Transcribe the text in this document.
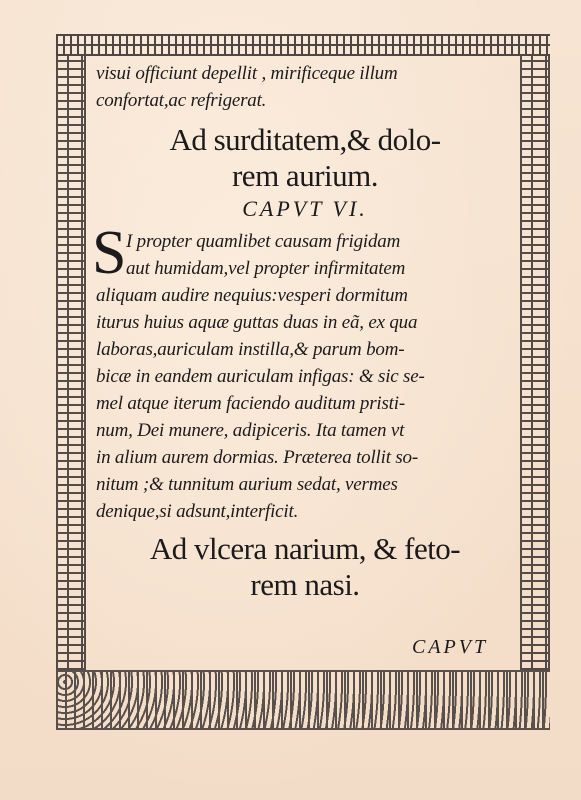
visui officiunt depellit , mirificeque illum
confortat,ac refrigerat.
Ad surditatem,& dolo-
rem aurium.
CAPVT VI.
S I propter quamlibet causam frigidam
aut humidam,vel propter infirmitatem
aliquam audire nequius:vesperi dormitum
iturus huius aquæ guttas duas in eã, ex qua
laboras,auriculam instilla,& parum bom-
bicæ in eandem auriculam infigas: & sic se-
mel atque iterum faciendo auditum pristi-
num, Dei munere, adipiceris. Ita tamen vt
in alium aurem dormias. Præterea tollit so-
nitum ;& tunnitum aurium sedat, vermes
denique,si adsunt,interficit.
Ad vlcera narium, & feto-
rem nasi.
CAPVT
